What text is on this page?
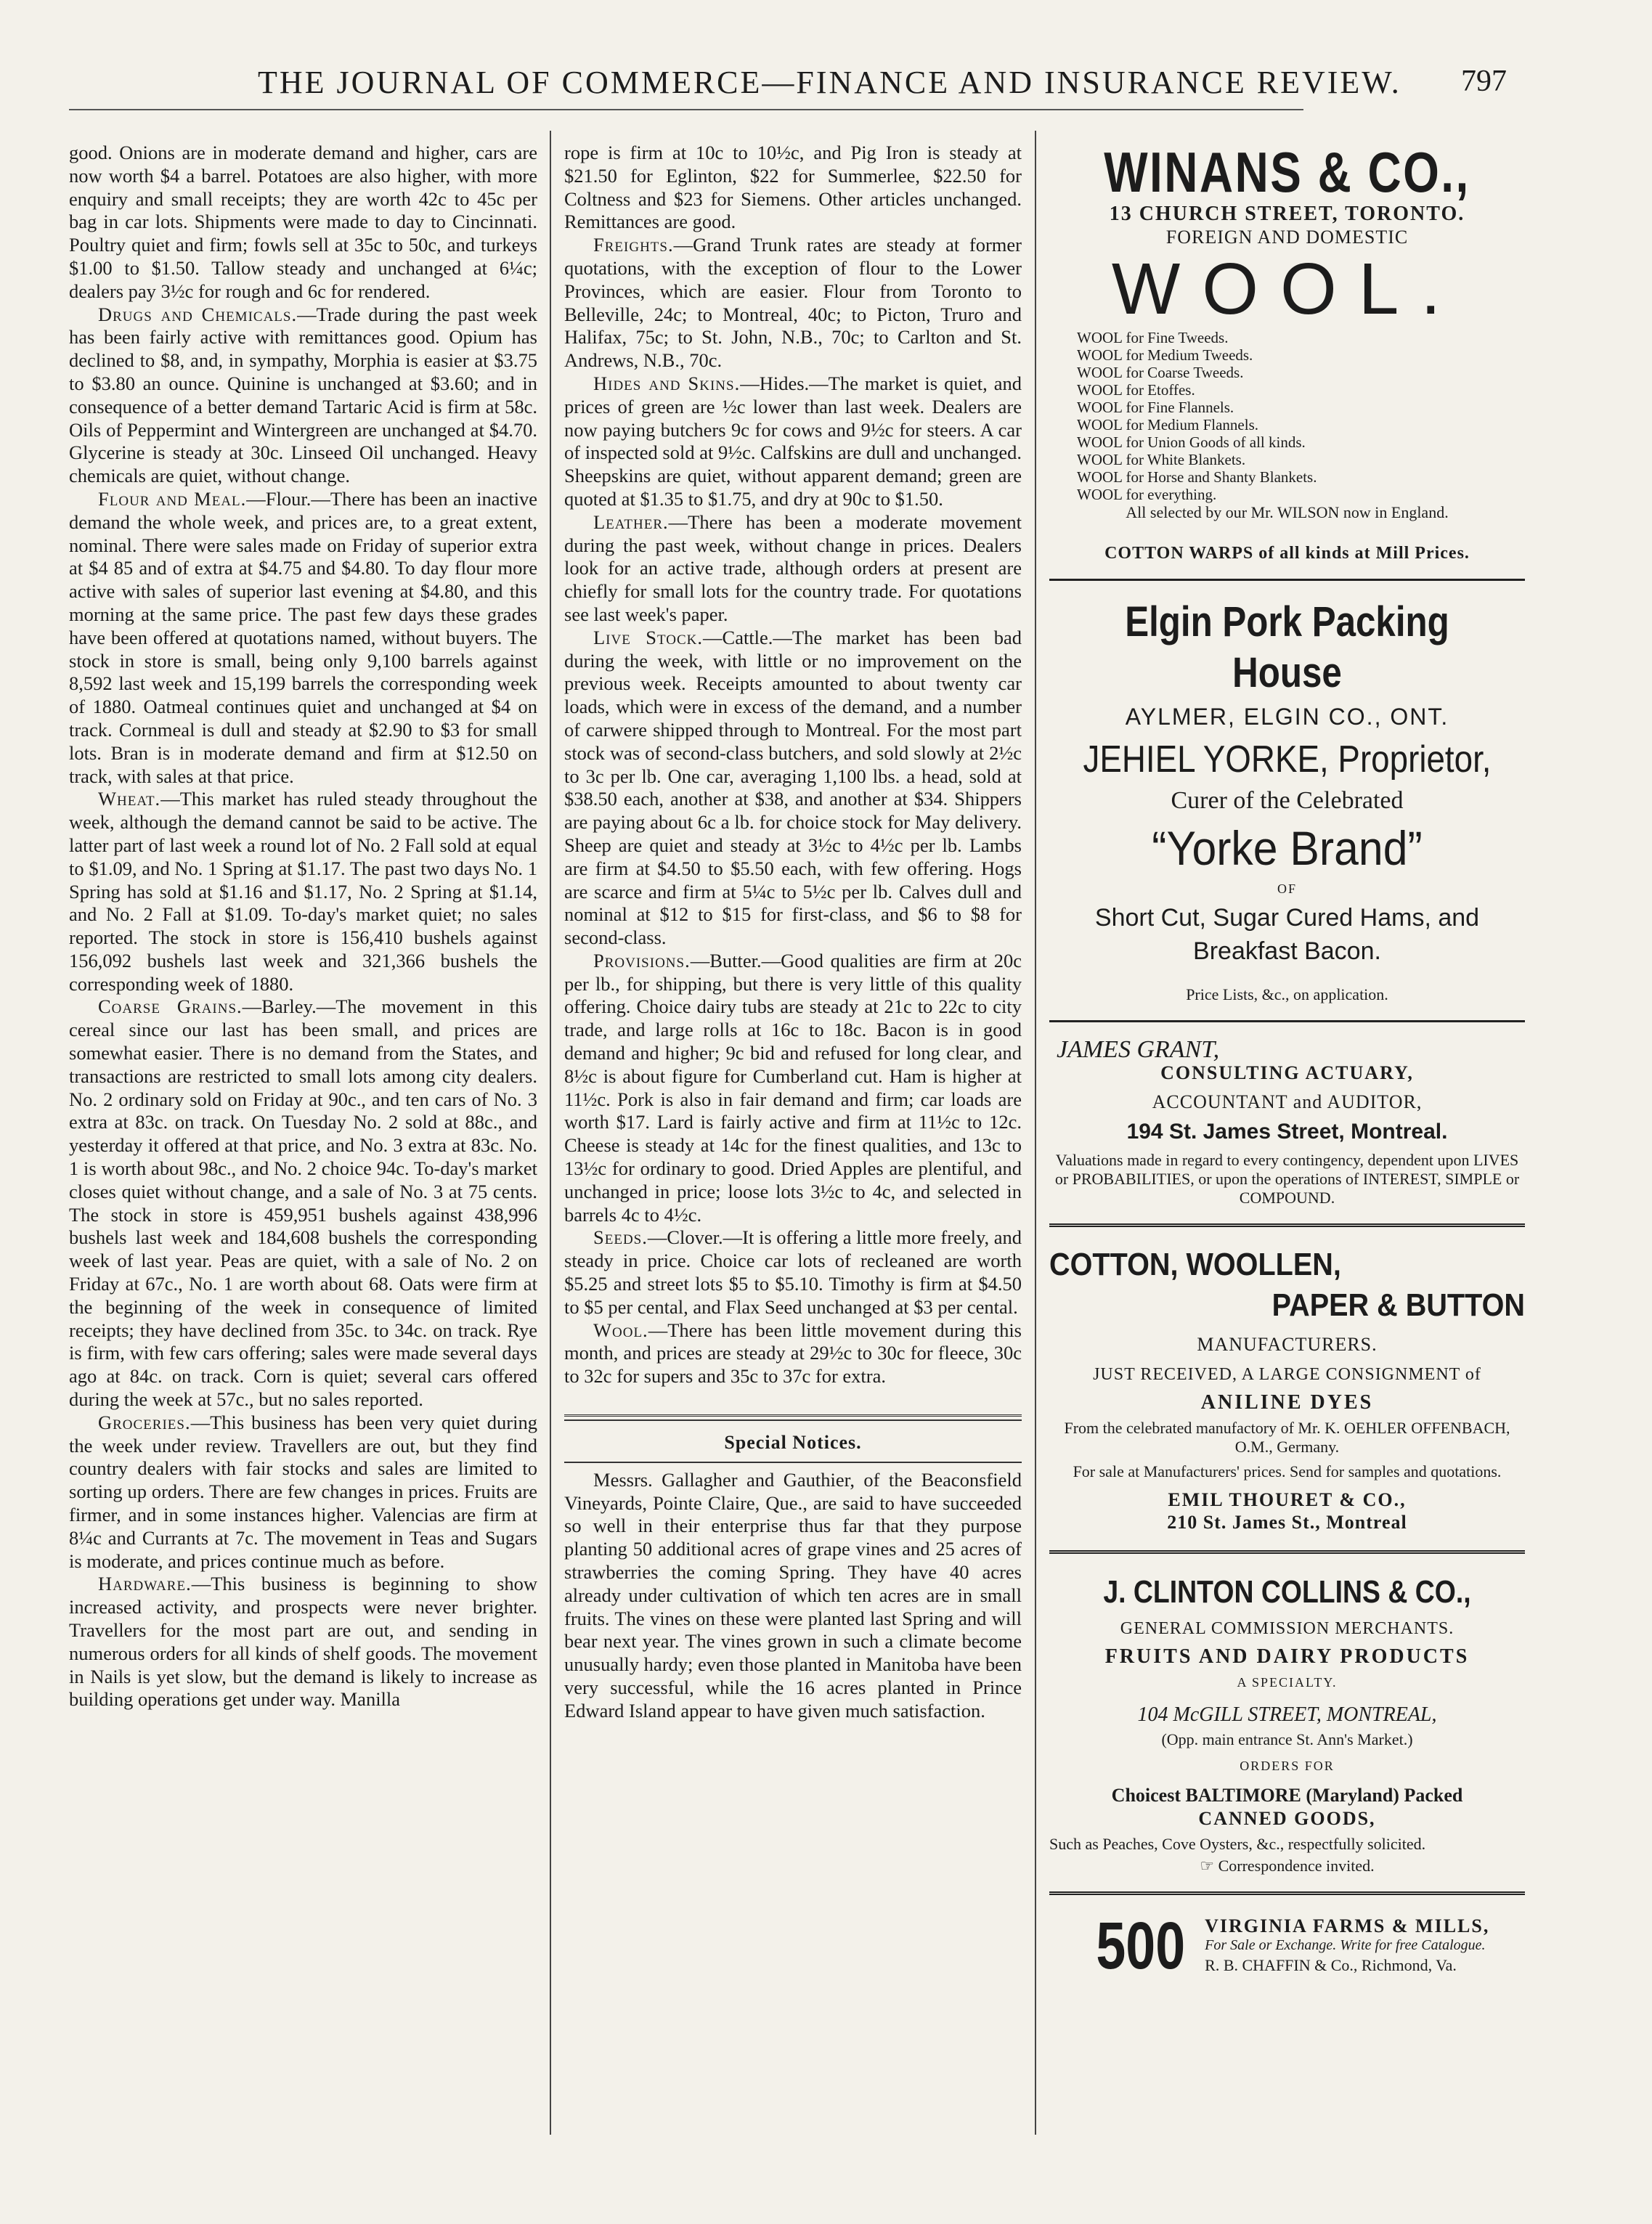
THE JOURNAL OF COMMERCE—FINANCE AND INSURANCE REVIEW. 797

good. Onions are in moderate demand and higher, cars are now worth $4 a barrel. Potatoes are also higher, with more enquiry and small receipts; they are worth 42c to 45c per bag in car lots. Shipments were made to day to Cincinnati. Poultry quiet and firm; fowls sell at 35c to 50c, and turkeys $1.00 to $1.50. Tallow steady and unchanged at 6¼c; dealers pay 3½c for rough and 6c for rendered.

Drugs and Chemicals.—Trade during the past week has been fairly active with remittances good. Opium has declined to $8, and, in sympathy, Morphia is easier at $3.75 to $3.80 an ounce. Quinine is unchanged at $3.60; and in consequence of a better demand Tartaric Acid is firm at 58c. Oils of Peppermint and Wintergreen are unchanged at $4.70. Glycerine is steady at 30c. Linseed Oil unchanged. Heavy chemicals are quiet, without change.

Flour and Meal.—Flour.—There has been an inactive demand the whole week, and prices are, to a great extent, nominal. There were sales made on Friday of superior extra at $4 85 and of extra at $4.75 and $4.80. To day flour more active with sales of superior last evening at $4.80, and this morning at the same price. The past few days these grades have been offered at quotations named, without buyers. The stock in store is small, being only 9,100 barrels against 8,592 last week and 15,199 barrels the corresponding week of 1880. Oatmeal continues quiet and unchanged at $4 on track. Cornmeal is dull and steady at $2.90 to $3 for small lots. Bran is in moderate demand and firm at $12.50 on track, with sales at that price.

Wheat.—This market has ruled steady throughout the week, although the demand cannot be said to be active. The latter part of last week a round lot of No. 2 Fall sold at equal to $1.09, and No. 1 Spring at $1.17. The past two days No. 1 Spring has sold at $1.16 and $1.17, No. 2 Spring at $1.14, and No. 2 Fall at $1.09. To-day's market quiet; no sales reported. The stock in store is 156,410 bushels against 156,092 bushels last week and 321,366 bushels the corresponding week of 1880.

Coarse Grains.—Barley.—The movement in this cereal since our last has been small, and prices are somewhat easier. There is no demand from the States, and transactions are restricted to small lots among city dealers. No. 2 ordinary sold on Friday at 90c., and ten cars of No. 3 extra at 83c. on track. On Tuesday No. 2 sold at 88c., and yesterday it offered at that price, and No. 3 extra at 83c. No. 1 is worth about 98c., and No. 2 choice 94c. To-day's market closes quiet without change, and a sale of No. 3 at 75 cents. The stock in store is 459,951 bushels against 438,996 bushels last week and 184,608 bushels the corresponding week of last year. Peas are quiet, with a sale of No. 2 on Friday at 67c., No. 1 are worth about 68. Oats were firm at the beginning of the week in consequence of limited receipts; they have declined from 35c. to 34c. on track. Rye is firm, with few cars offering; sales were made several days ago at 84c. on track. Corn is quiet; several cars offered during the week at 57c., but no sales reported.

Groceries.—This business has been very quiet during the week under review. Travellers are out, but they find country dealers with fair stocks and sales are limited to sorting up orders. There are few changes in prices. Fruits are firmer, and in some instances higher. Valencias are firm at 8¼c and Currants at 7c. The movement in Teas and Sugars is moderate, and prices continue much as before.

Hardware.—This business is beginning to show increased activity, and prospects were never brighter. Travellers for the most part are out, and sending in numerous orders for all kinds of shelf goods. The movement in Nails is yet slow, but the demand is likely to increase as building operations get under way. Manilla

rope is firm at 10c to 10½c, and Pig Iron is steady at $21.50 for Eglinton, $22 for Summerlee, $22.50 for Coltness and $23 for Siemens. Other articles unchanged. Remittances are good.

Freights.—Grand Trunk rates are steady at former quotations, with the exception of flour to the Lower Provinces, which are easier. Flour from Toronto to Belleville, 24c; to Montreal, 40c; to Picton, Truro and Halifax, 75c; to St. John, N.B., 70c; to Carlton and St. Andrews, N.B., 70c.

Hides and Skins.—Hides.—The market is quiet, and prices of green are ½c lower than last week. Dealers are now paying butchers 9c for cows and 9½c for steers. A car of inspected sold at 9½c. Calfskins are dull and unchanged. Sheepskins are quiet, without apparent demand; green are quoted at $1.35 to $1.75, and dry at 90c to $1.50.

Leather.—There has been a moderate movement during the past week, without change in prices. Dealers look for an active trade, although orders at present are chiefly for small lots for the country trade. For quotations see last week's paper.

Live Stock.—Cattle.—The market has been bad during the week, with little or no improvement on the previous week. Receipts amounted to about twenty car loads, which were in excess of the demand, and a number of carwere shipped through to Montreal. For the most part stock was of second-class butchers, and sold slowly at 2½c to 3c per lb. One car, averaging 1,100 lbs. a head, sold at $38.50 each, another at $38, and another at $34. Shippers are paying about 6c a lb. for choice stock for May delivery. Sheep are quiet and steady at 3½c to 4½c per lb. Lambs are firm at $4.50 to $5.50 each, with few offering. Hogs are scarce and firm at 5¼c to 5½c per lb. Calves dull and nominal at $12 to $15 for first-class, and $6 to $8 for second-class.

Provisions.—Butter.—Good qualities are firm at 20c per lb., for shipping, but there is very little of this quality offering. Choice dairy tubs are steady at 21c to 22c to city trade, and large rolls at 16c to 18c. Bacon is in good demand and higher; 9c bid and refused for long clear, and 8½c is about figure for Cumberland cut. Ham is higher at 11½c. Pork is also in fair demand and firm; car loads are worth $17. Lard is fairly active and firm at 11½c to 12c. Cheese is steady at 14c for the finest qualities, and 13c to 13½c for ordinary to good. Dried Apples are plentiful, and unchanged in price; loose lots 3½c to 4c, and selected in barrels 4c to 4½c.

Seeds.—Clover.—It is offering a little more freely, and steady in price. Choice car lots of recleaned are worth $5.25 and street lots $5 to $5.10. Timothy is firm at $4.50 to $5 per cental, and Flax Seed unchanged at $3 per cental.

Wool.—There has been little movement during this month, and prices are steady at 29½c to 30c for fleece, 30c to 32c for supers and 35c to 37c for extra.

Special Notices.

Messrs. Gallagher and Gauthier, of the Beaconsfield Vineyards, Pointe Claire, Que., are said to have succeeded so well in their enterprise thus far that they purpose planting 50 additional acres of grape vines and 25 acres of strawberries the coming Spring. They have 40 acres already under cultivation of which ten acres are in small fruits. The vines on these were planted last Spring and will bear next year. The vines grown in such a climate become unusually hardy; even those planted in Manitoba have been very successful, while the 16 acres planted in Prince Edward Island appear to have given much satisfaction.

WINANS & CO.,
13 CHURCH STREET, TORONTO.
FOREIGN AND DOMESTIC
WOOL.
WOOL for Fine Tweeds.
WOOL for Medium Tweeds.
WOOL for Coarse Tweeds.
WOOL for Etoffes.
WOOL for Fine Flannels.
WOOL for Medium Flannels.
WOOL for Union Goods of all kinds.
WOOL for White Blankets.
WOOL for Horse and Shanty Blankets.
WOOL for everything.
All selected by our Mr. WILSON now in England.
COTTON WARPS of all kinds at Mill Prices.
Elgin Pork Packing House
AYLMER, ELGIN CO., ONT.
JEHIEL YORKE, Proprietor,
Curer of the Celebrated
“Yorke Brand”
OF
Short Cut, Sugar Cured Hams, and Breakfast Bacon.
Price Lists, &c., on application.
JAMES GRANT,
CONSULTING ACTUARY,
ACCOUNTANT and AUDITOR,
194 St. James Street, Montreal.
Valuations made in regard to every contingency, dependent upon LIVES or PROBABILITIES, or upon the operations of INTEREST, SIMPLE or COMPOUND.
COTTON, WOOLLEN,
PAPER & BUTTON
MANUFACTURERS.
JUST RECEIVED, A LARGE CONSIGNMENT of
ANILINE DYES
From the celebrated manufactory of Mr. K. OEHLER OFFENBACH, O.M., Germany.
For sale at Manufacturers' prices. Send for samples and quotations.
EMIL THOURET & CO.,
210 St. James St., Montreal
J. CLINTON COLLINS & CO.,
GENERAL COMMISSION MERCHANTS.
FRUITS AND DAIRY PRODUCTS
A SPECIALTY.
104 McGILL STREET, MONTREAL,
(Opp. main entrance St. Ann's Market.)
ORDERS FOR
Choicest BALTIMORE (Maryland) Packed
CANNED GOODS,
Such as Peaches, Cove Oysters, &c., respectfully solicited.
☞ Correspondence invited.
500 VIRGINIA FARMS & MILLS,
For Sale or Exchange. Write for free Catalogue.
R. B. CHAFFIN & Co., Richmond, Va.
